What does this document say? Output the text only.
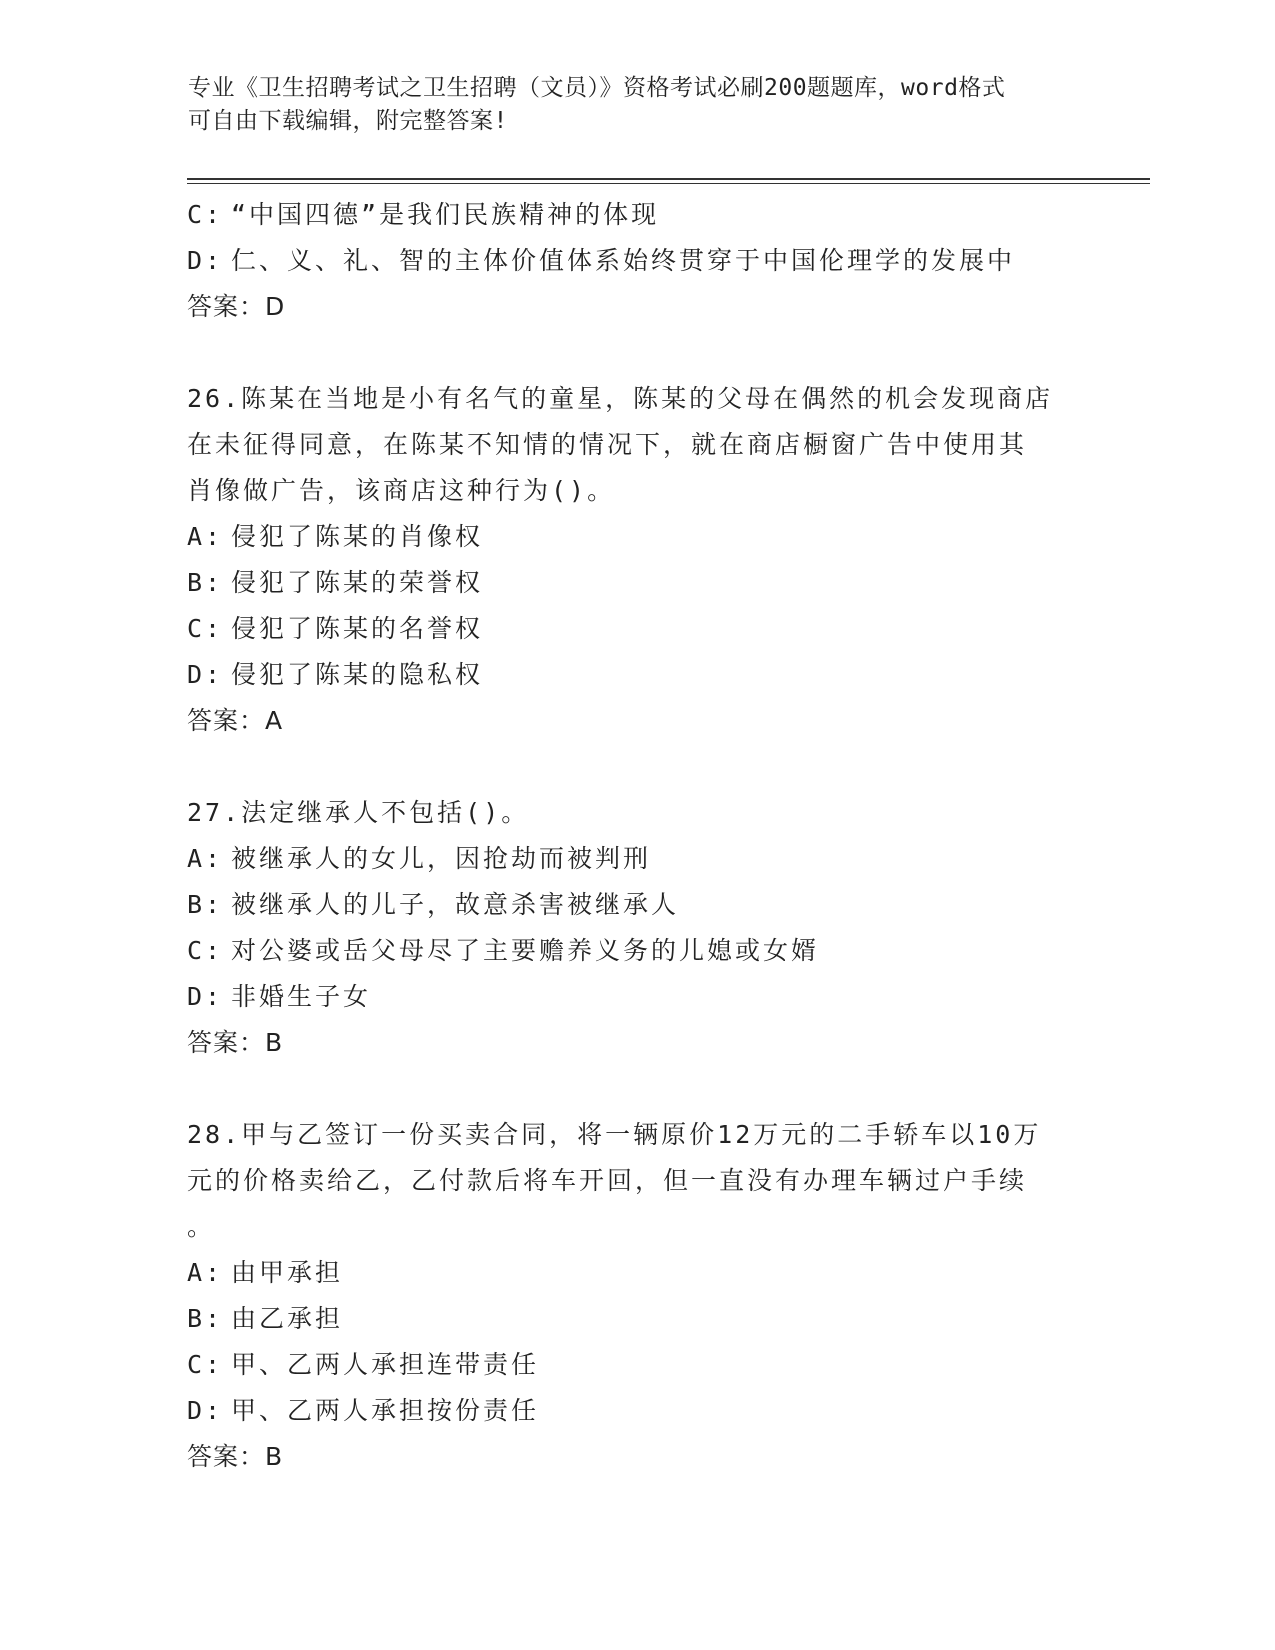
专业《卫生招聘考试之卫生招聘（文员）》资格考试必刷200题题库，word格式
可自由下载编辑，附完整答案!
C: “中国四德”是我们民族精神的体现
D: 仁、义、礼、智的主体价值体系始终贯穿于中国伦理学的发展中
答案：D
26.陈某在当地是小有名气的童星，陈某的父母在偶然的机会发现商店
在未征得同意，在陈某不知情的情况下，就在商店橱窗广告中使用其
肖像做广告，该商店这种行为()。
A: 侵犯了陈某的肖像权
B: 侵犯了陈某的荣誉权
C: 侵犯了陈某的名誉权
D: 侵犯了陈某的隐私权
答案：A
27.法定继承人不包括()。
A: 被继承人的女儿，因抢劫而被判刑
B: 被继承人的儿子，故意杀害被继承人
C: 对公婆或岳父母尽了主要赡养义务的儿媳或女婿
D: 非婚生子女
答案：B
28.甲与乙签订一份买卖合同，将一辆原价12万元的二手轿车以10万
元的价格卖给乙，乙付款后将车开回，但一直没有办理车辆过户手续
。
A: 由甲承担
B: 由乙承担
C: 甲、乙两人承担连带责任
D: 甲、乙两人承担按份责任
答案：B
